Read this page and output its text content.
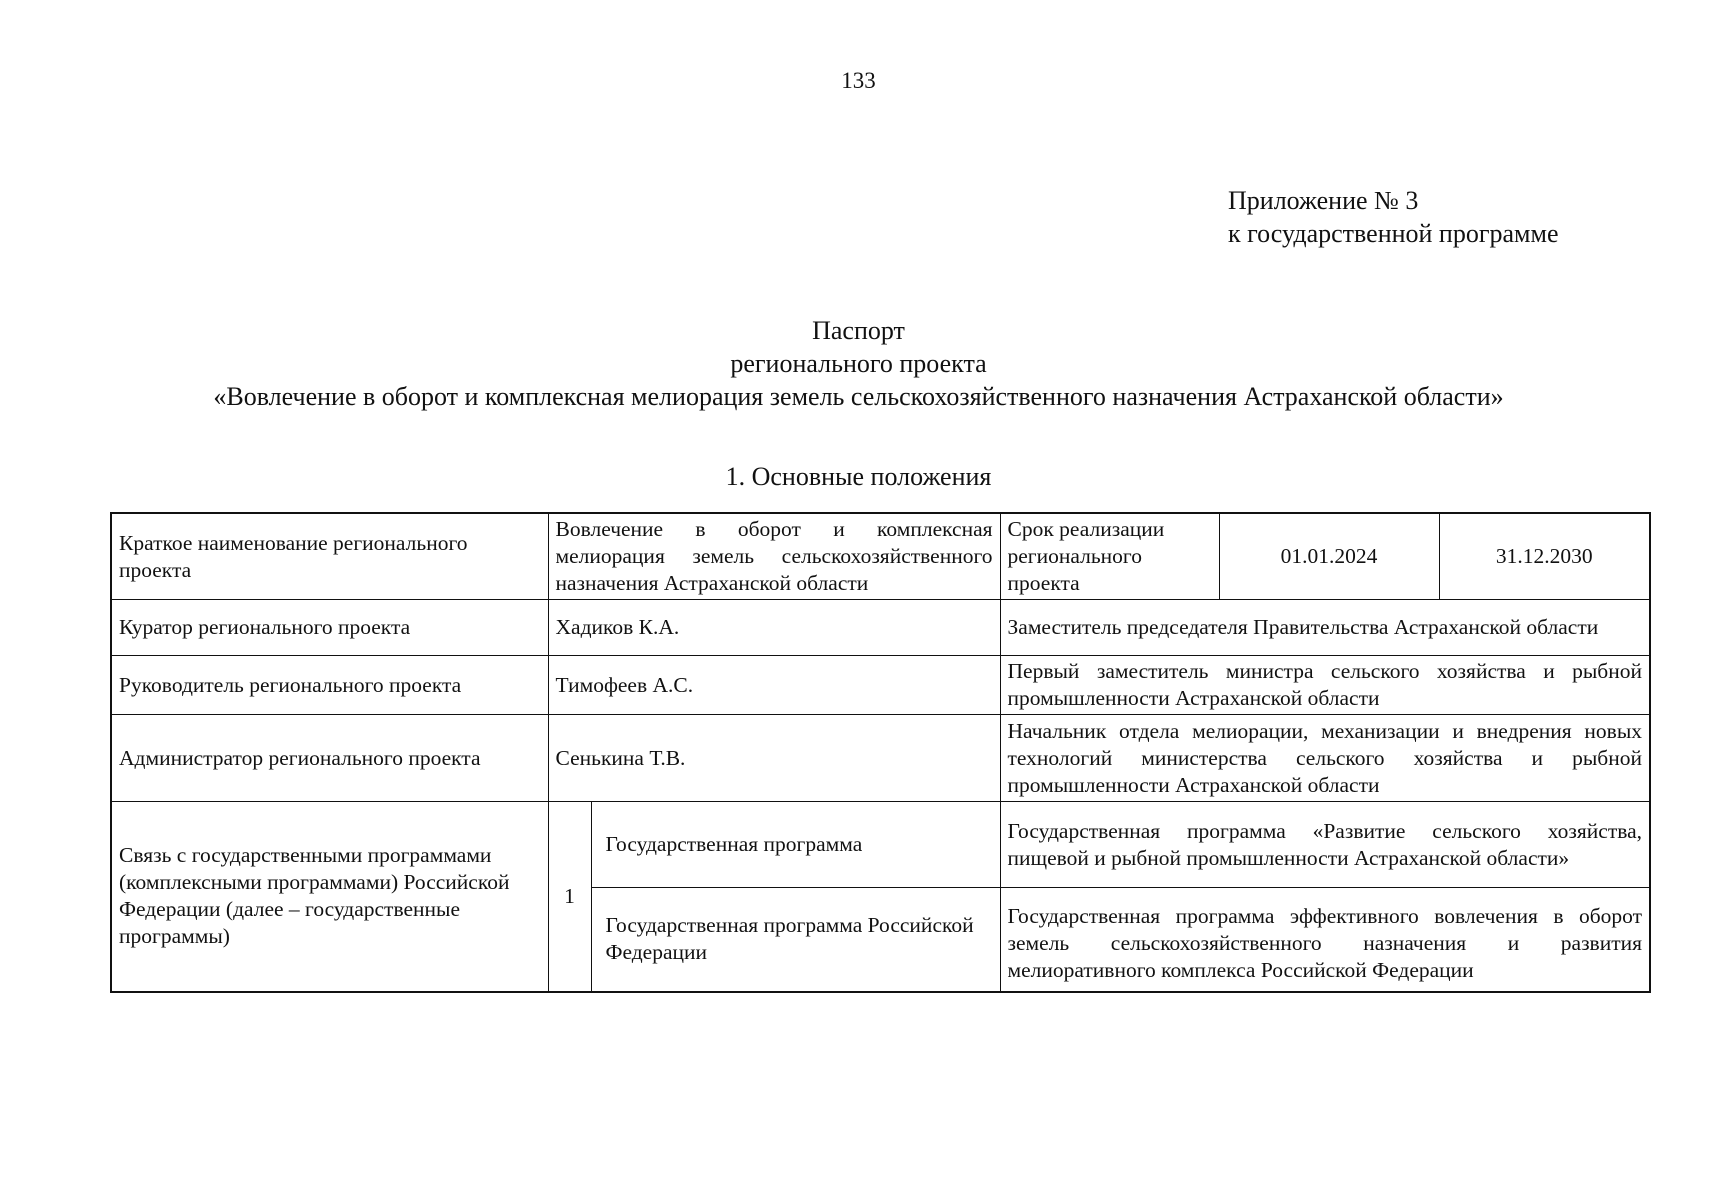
133
Приложение № 3
к государственной программе
Паспорт
регионального проекта
«Вовлечение в оборот и комплексная мелиорация земель сельскохозяйственного назначения Астраханской области»
1. Основные положения
Краткое наименование регионального проекта	Вовлечение в оборот и комплексная мелиорация земель сельскохозяйственного назначения Астраханской области		Срок реализации регионального проекта	01.01.2024	31.12.2030
Куратор регионального проекта	Хадиков К.А.		Заместитель председателя Правительства Астраханской области		
Руководитель регионального проекта	Тимофеев А.С.		Первый заместитель министра сельского хозяйства и рыбной промышленности Астраханской области		
Администратор регионального проекта	Сенькина Т.В.		Начальник отдела мелиорации, механизации и внедрения новых технологий министерства сельского хозяйства и рыбной промышленности Астраханской области		
Связь с государственными программами (комплексными программами) Российской Федерации (далее – государственные программы)	1	Государственная программа	Государственная программа «Развитие сельского хозяйства, пищевой и рыбной промышленности Астраханской области»		
		Государственная программа Российской Федерации	Государственная программа эффективного вовлечения в оборот земель сельскохозяйственного назначения и развития мелиоративного комплекса Российской Федерации		
